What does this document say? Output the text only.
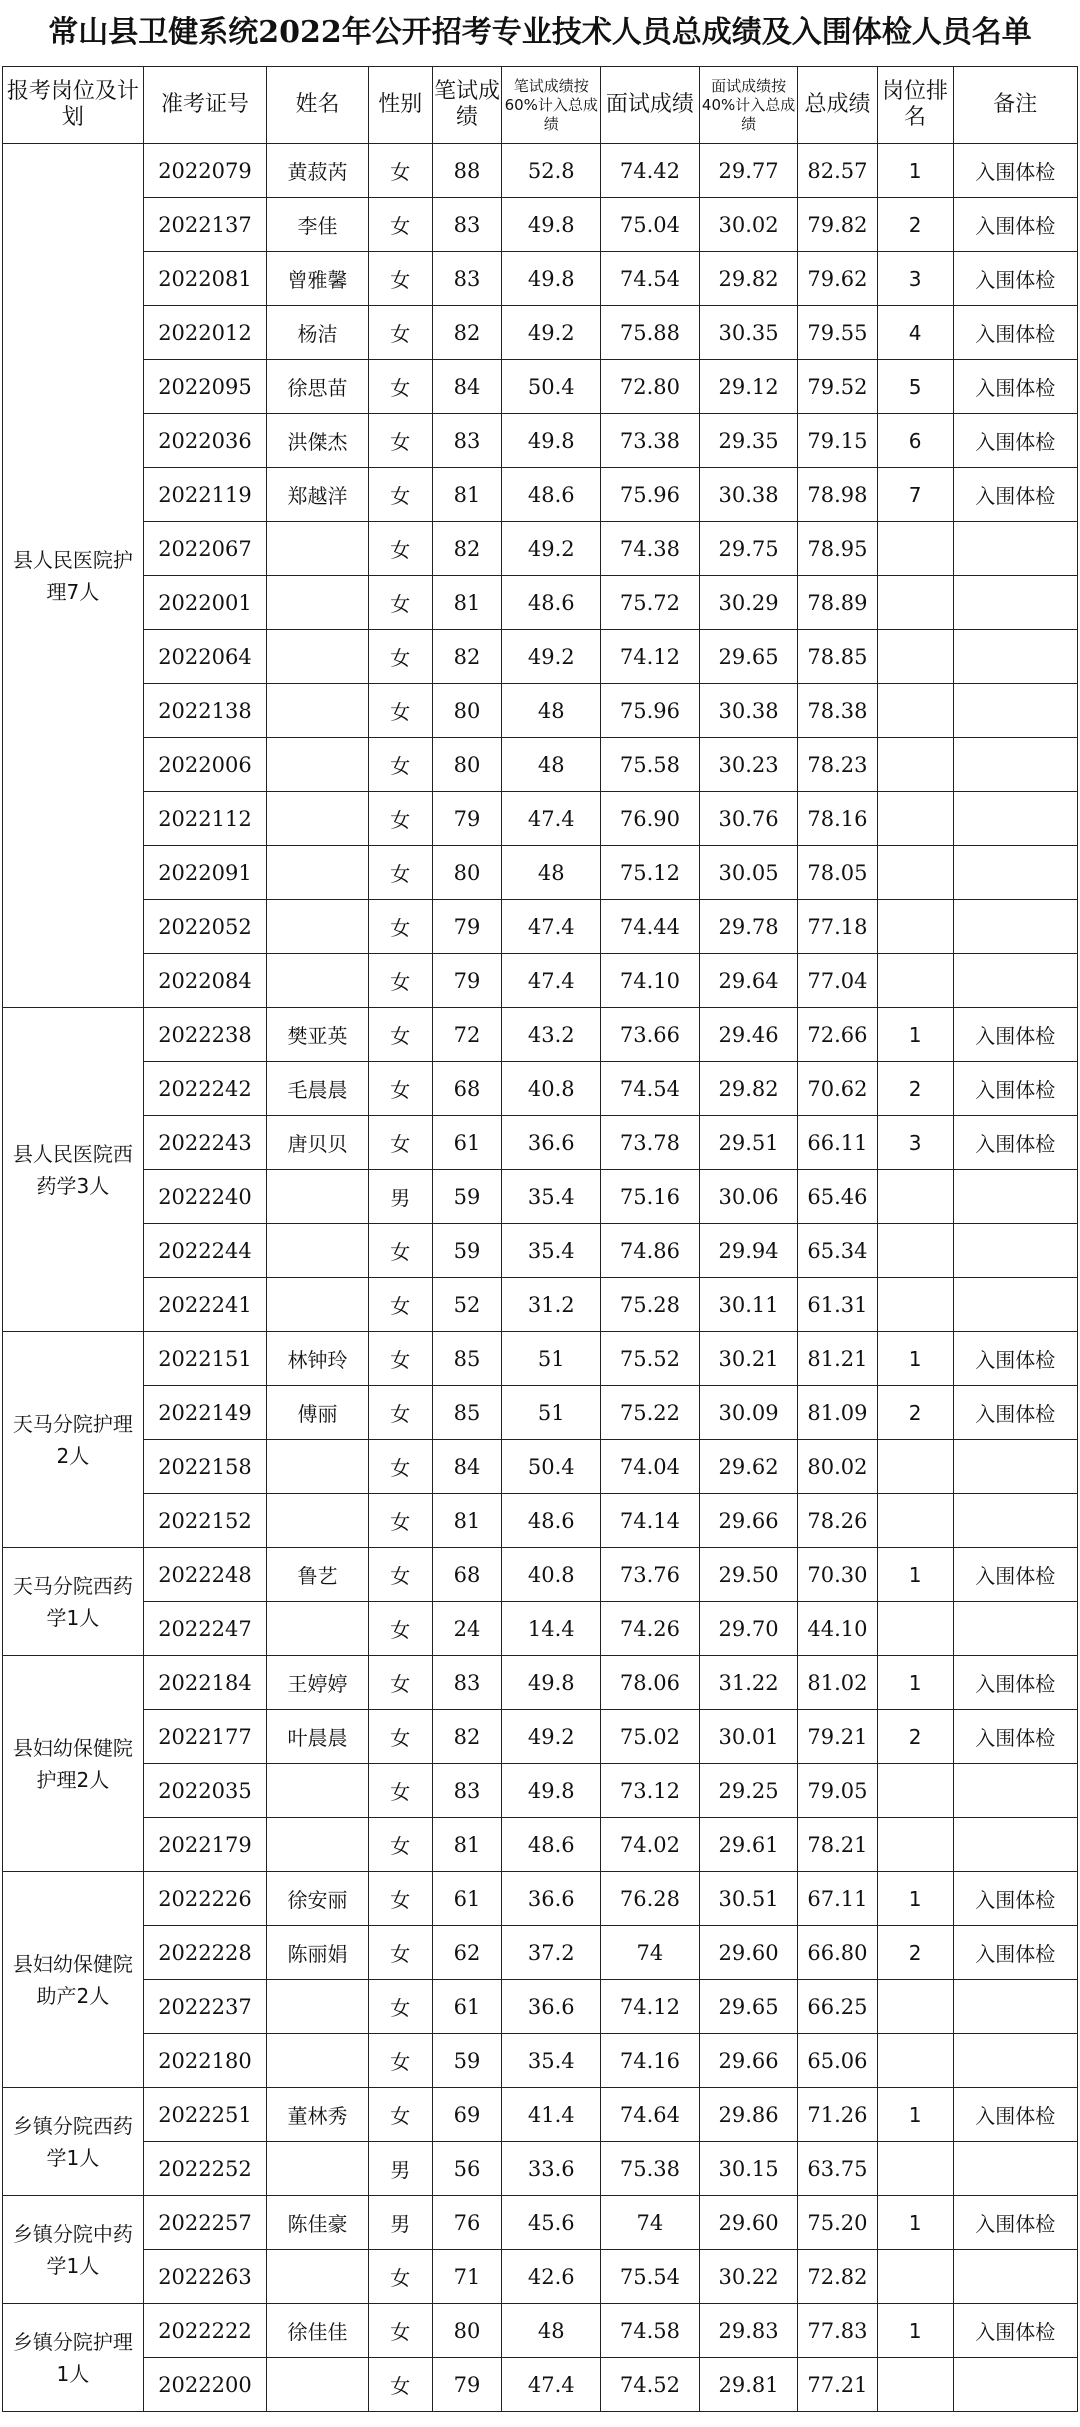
常山县卫健系统2022年公开招考专业技术人员总成绩及入围体检人员名单
报考岗位及计划	准考证号	姓名	性别	笔试成绩	笔试成绩按60%计入总成绩	面试成绩	面试成绩按40%计入总成绩	总成绩	岗位排名	备注
县人民医院护理7人	2022079	黄菽芮	女	88	52.8	74.42	29.77	82.57	1	入围体检
	2022137	李佳	女	83	49.8	75.04	30.02	79.82	2	入围体检
	2022081	曾雅馨	女	83	49.8	74.54	29.82	79.62	3	入围体检
	2022012	杨洁	女	82	49.2	75.88	30.35	79.55	4	入围体检
	2022095	徐思苗	女	84	50.4	72.80	29.12	79.52	5	入围体检
	2022036	洪傑杰	女	83	49.8	73.38	29.35	79.15	6	入围体检
	2022119	郑越洋	女	81	48.6	75.96	30.38	78.98	7	入围体检
	2022067		女	82	49.2	74.38	29.75	78.95		
	2022001		女	81	48.6	75.72	30.29	78.89		
	2022064		女	82	49.2	74.12	29.65	78.85		
	2022138		女	80	48	75.96	30.38	78.38		
	2022006		女	80	48	75.58	30.23	78.23		
	2022112		女	79	47.4	76.90	30.76	78.16		
	2022091		女	80	48	75.12	30.05	78.05		
	2022052		女	79	47.4	74.44	29.78	77.18		
	2022084		女	79	47.4	74.10	29.64	77.04		
县人民医院西药学3人	2022238	樊亚英	女	72	43.2	73.66	29.46	72.66	1	入围体检
	2022242	毛晨晨	女	68	40.8	74.54	29.82	70.62	2	入围体检
	2022243	唐贝贝	女	61	36.6	73.78	29.51	66.11	3	入围体检
	2022240		男	59	35.4	75.16	30.06	65.46		
	2022244		女	59	35.4	74.86	29.94	65.34		
	2022241		女	52	31.2	75.28	30.11	61.31		
天马分院护理2人	2022151	林钟玲	女	85	51	75.52	30.21	81.21	1	入围体检
	2022149	傅丽	女	85	51	75.22	30.09	81.09	2	入围体检
	2022158		女	84	50.4	74.04	29.62	80.02		
	2022152		女	81	48.6	74.14	29.66	78.26		
天马分院西药学1人	2022248	鲁艺	女	68	40.8	73.76	29.50	70.30	1	入围体检
	2022247		女	24	14.4	74.26	29.70	44.10		
县妇幼保健院护理2人	2022184	王婷婷	女	83	49.8	78.06	31.22	81.02	1	入围体检
	2022177	叶晨晨	女	82	49.2	75.02	30.01	79.21	2	入围体检
	2022035		女	83	49.8	73.12	29.25	79.05		
	2022179		女	81	48.6	74.02	29.61	78.21		
县妇幼保健院助产2人	2022226	徐安丽	女	61	36.6	76.28	30.51	67.11	1	入围体检
	2022228	陈丽娟	女	62	37.2	74	29.60	66.80	2	入围体检
	2022237		女	61	36.6	74.12	29.65	66.25		
	2022180		女	59	35.4	74.16	29.66	65.06		
乡镇分院西药学1人	2022251	董林秀	女	69	41.4	74.64	29.86	71.26	1	入围体检
	2022252		男	56	33.6	75.38	30.15	63.75		
乡镇分院中药学1人	2022257	陈佳豪	男	76	45.6	74	29.60	75.20	1	入围体检
	2022263		女	71	42.6	75.54	30.22	72.82		
乡镇分院护理1人	2022222	徐佳佳	女	80	48	74.58	29.83	77.83	1	入围体检
	2022200		女	79	47.4	74.52	29.81	77.21		
